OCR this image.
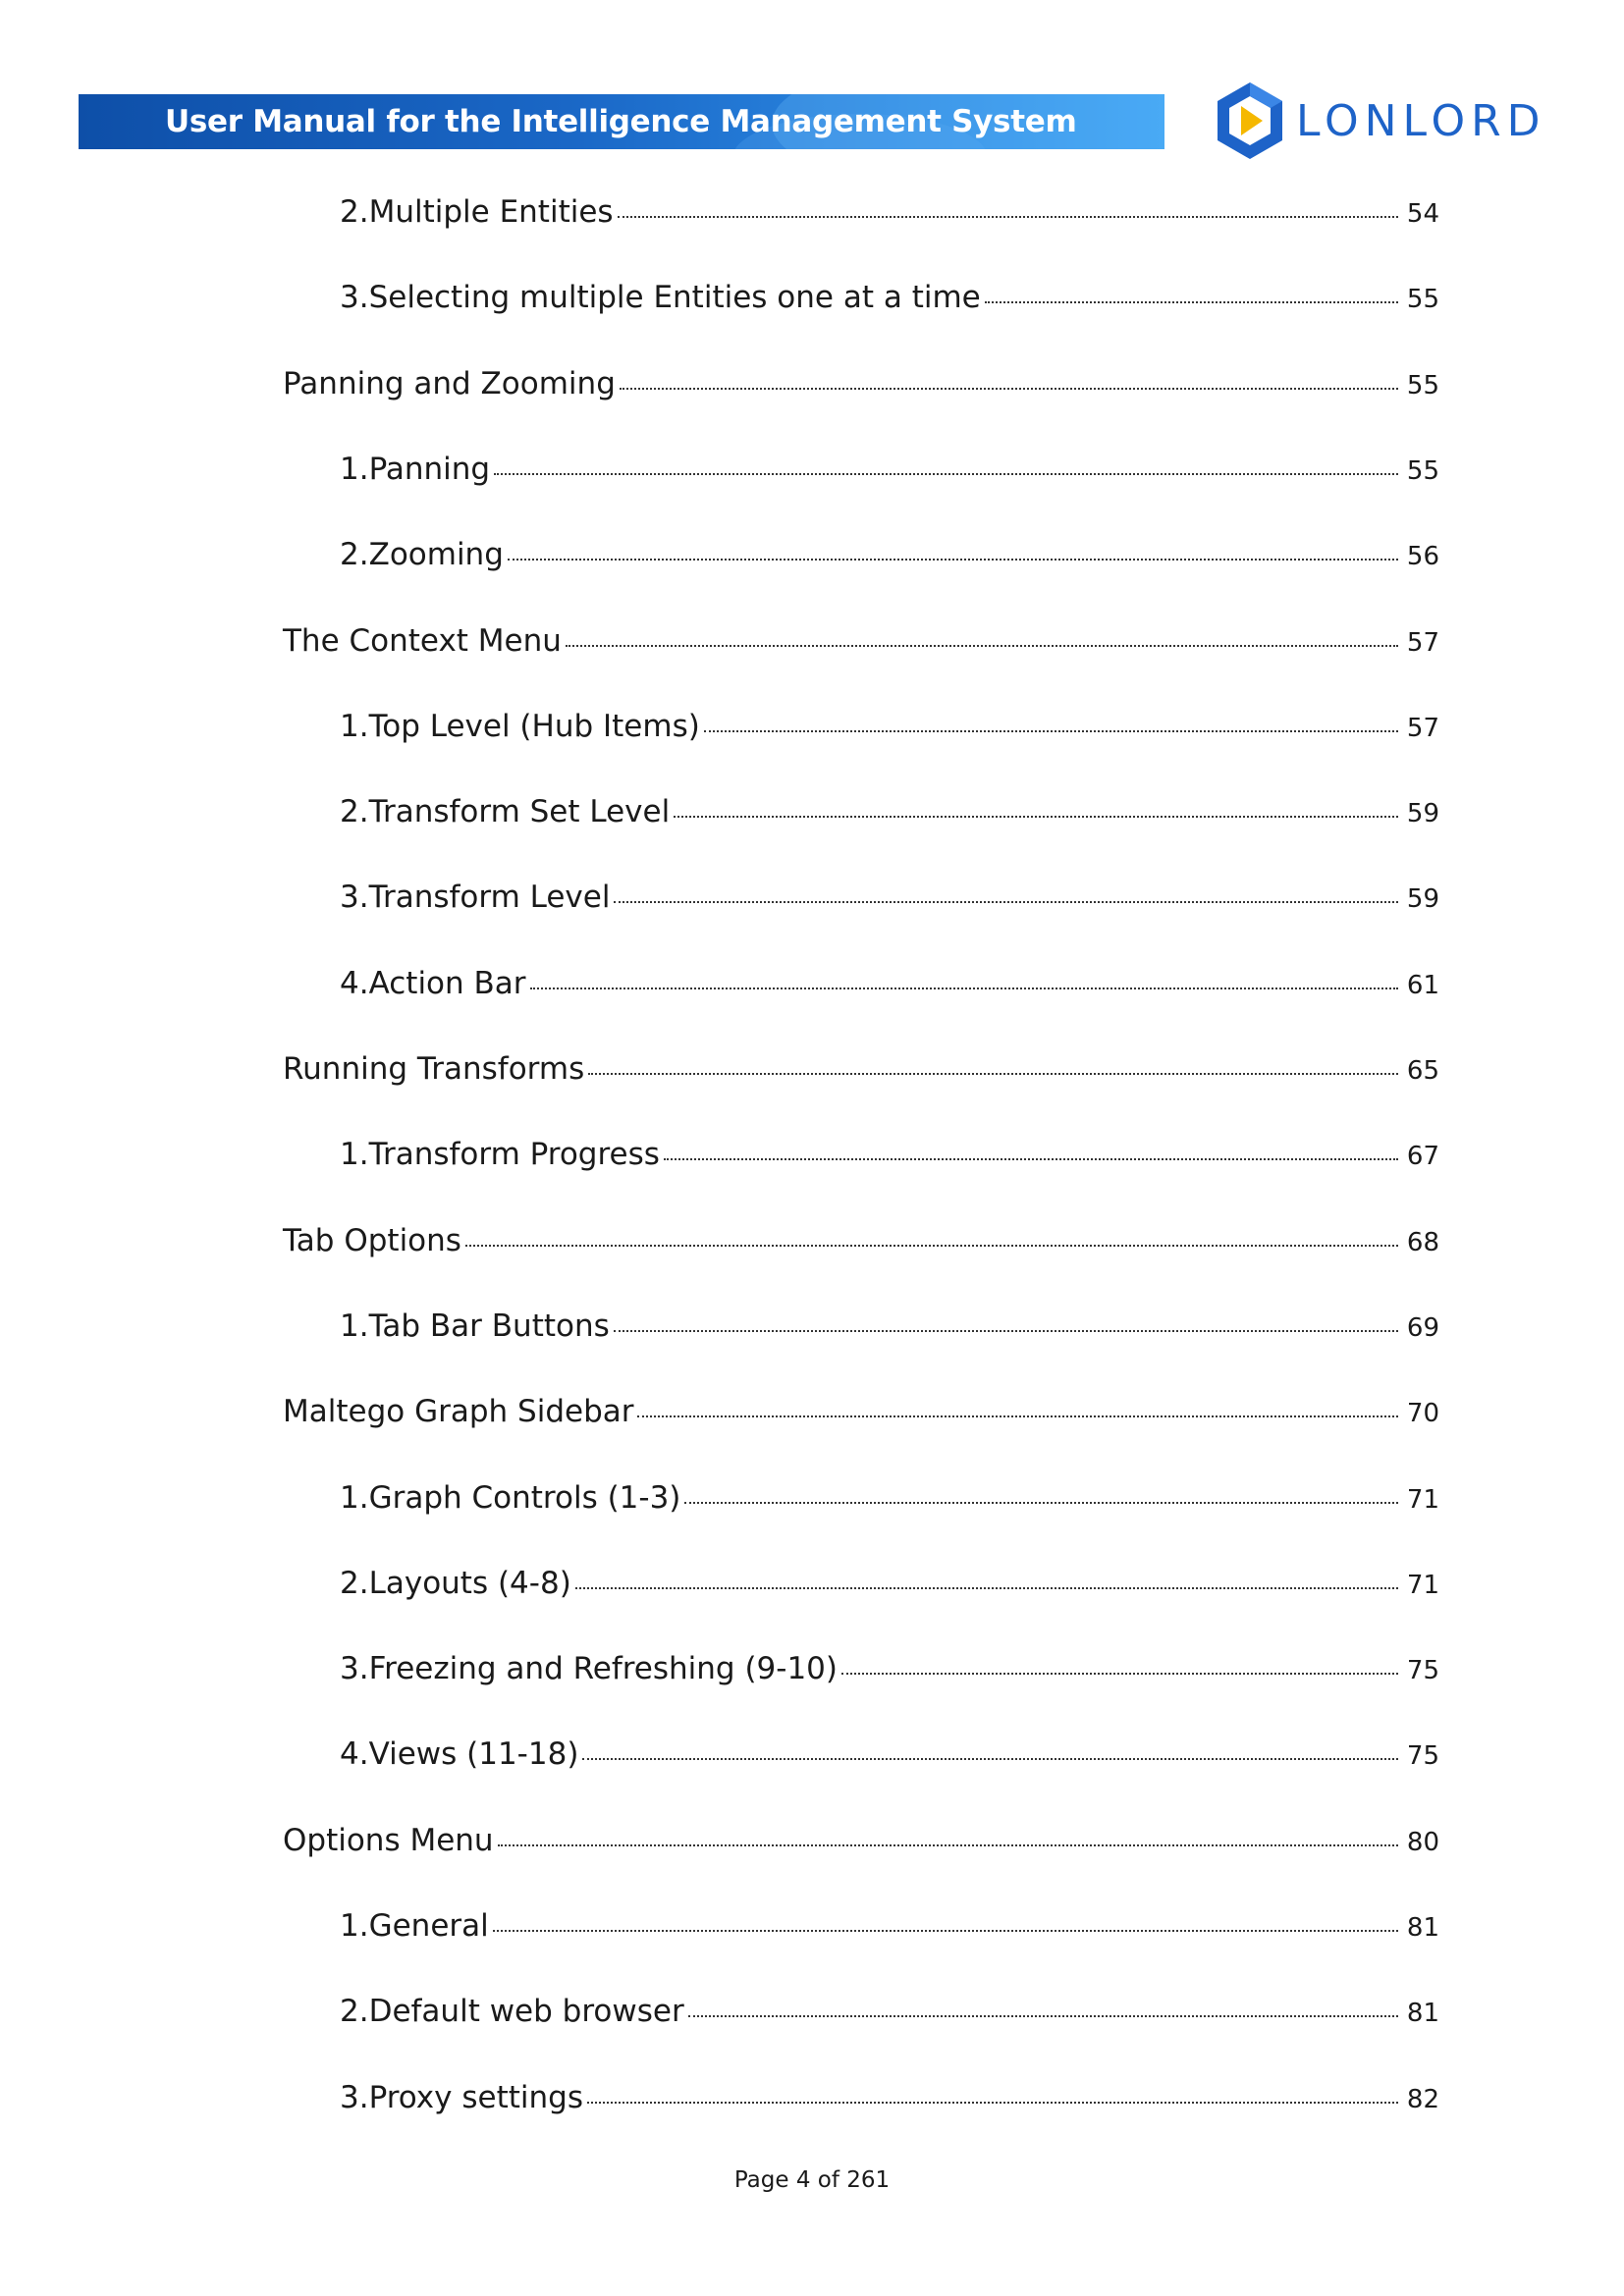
User Manual for the Intelligence Management System	LONLORD
2.Multiple Entities	54
3.Selecting multiple Entities one at a time	55
Panning and Zooming	55
1.Panning	55
2.Zooming	56
The Context Menu	57
1.Top Level (Hub Items)	57
2.Transform Set Level	59
3.Transform Level	59
4.Action Bar	61
Running Transforms	65
1.Transform Progress	67
Tab Options	68
1.Tab Bar Buttons	69
Maltego Graph Sidebar	70
1.Graph Controls (1-3)	71
2.Layouts (4-8)	71
3.Freezing and Refreshing (9-10)	75
4.Views (11-18)	75
Options Menu	80
1.General	81
2.Default web browser	81
3.Proxy settings	82
Page 4 of 261
